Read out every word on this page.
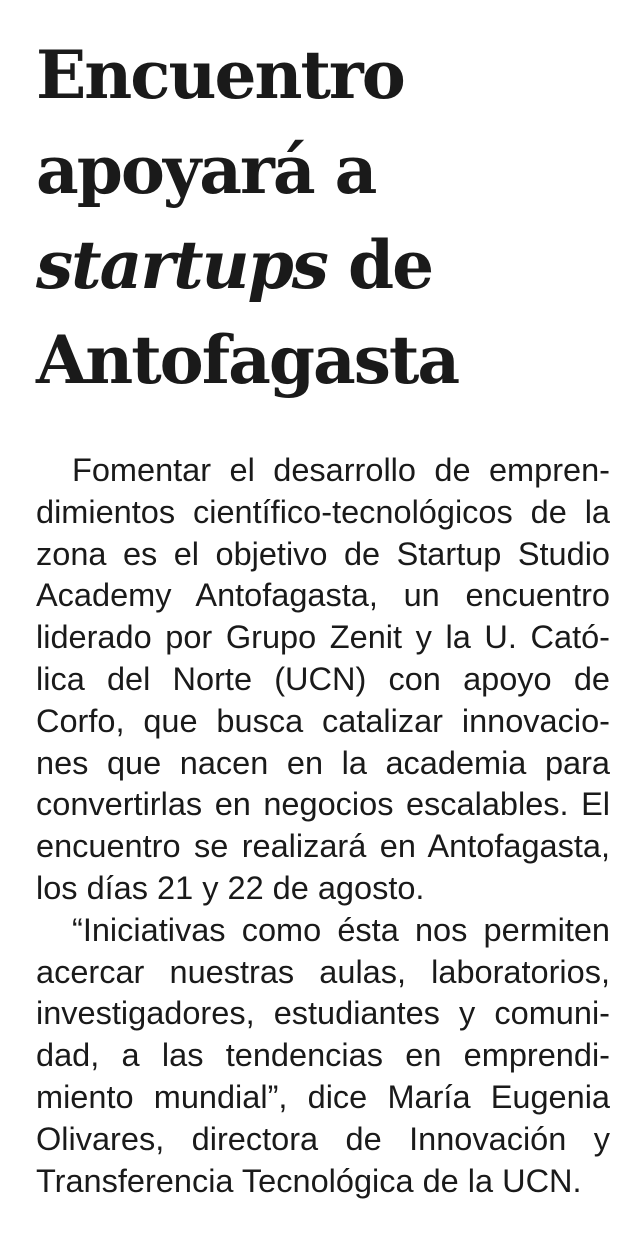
Encuentro
apoyará a
startups de
Antofagasta

Fomentar el desarrollo de empren-
dimientos científico-tecnológicos de la
zona es el objetivo de Startup Studio
Academy Antofagasta, un encuentro
liderado por Grupo Zenit y la U. Cató-
lica del Norte (UCN) con apoyo de
Corfo, que busca catalizar innovacio-
nes que nacen en la academia para
convertirlas en negocios escalables. El
encuentro se realizará en Antofagasta,
los días 21 y 22 de agosto.

“Iniciativas como ésta nos permiten
acercar nuestras aulas, laboratorios,
investigadores, estudiantes y comuni-
dad, a las tendencias en emprendi-
miento mundial”, dice María Eugenia
Olivares, directora de Innovación y
Transferencia Tecnológica de la UCN.
